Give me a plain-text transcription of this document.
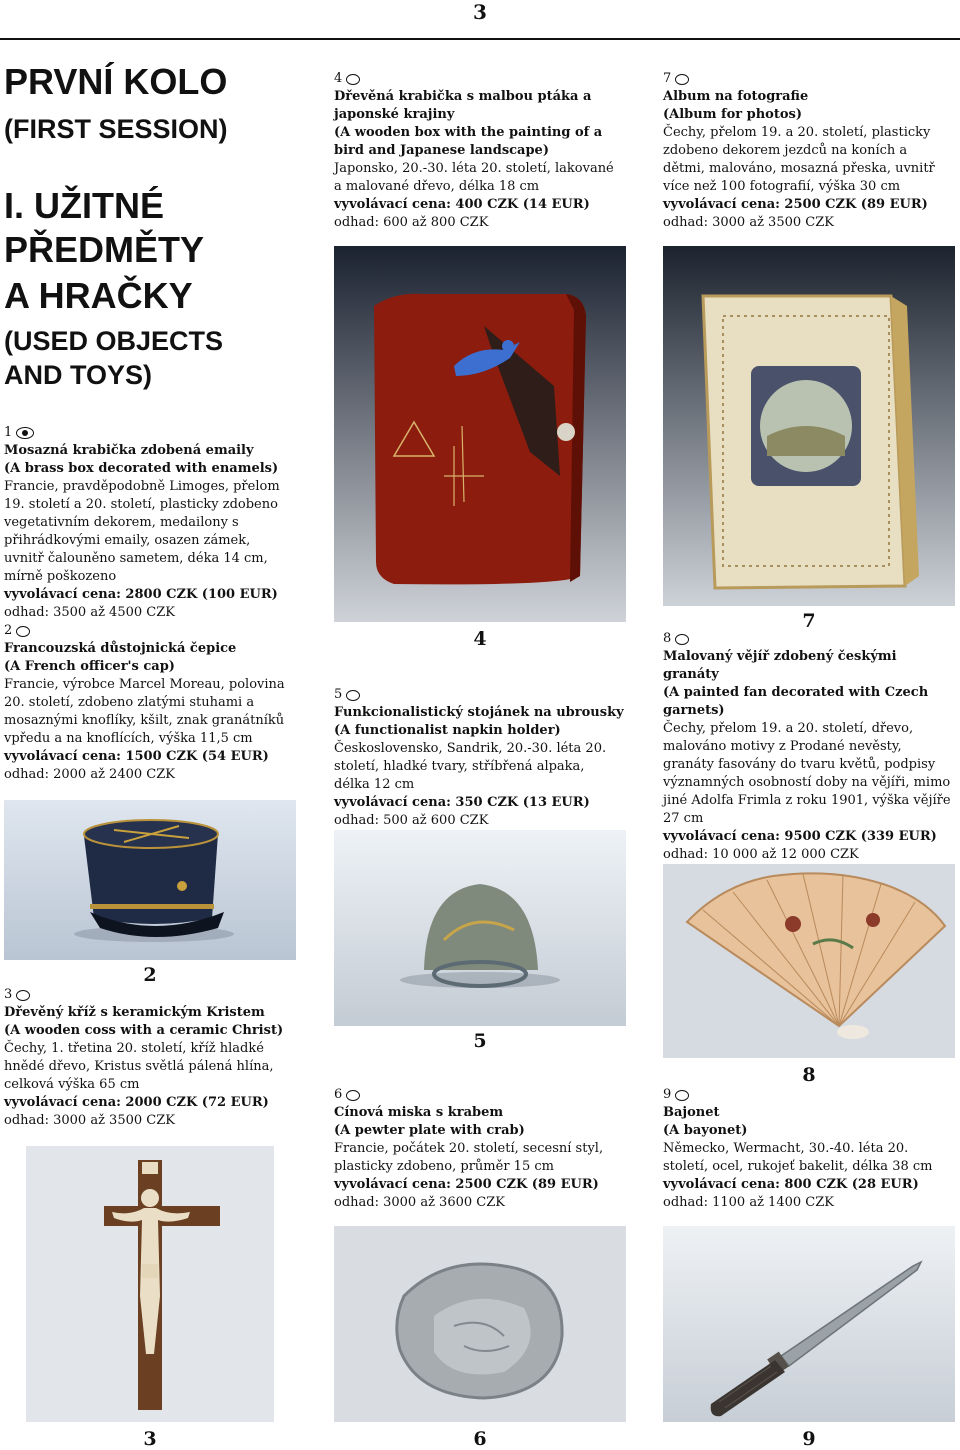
3
PRVNÍ KOLO
(FIRST SESSION)
I. UŽITNÉ
PŘEDMĚTY
A HRAČKY
(USED OBJECTS
AND TOYS)
1
Mosazná krabička zdobená emaily
(A brass box decorated with enamels)
Francie, pravděpodobně Limoges, přelom 19. století a 20. století, plasticky zdobeno vegetativním dekorem, medailony s přihrádkovými emaily, osazen zámek, uvnitř čalouněno sametem, déka 14 cm, mírně poškozeno
vyvolávací cena: 2800 CZK (100 EUR)
odhad: 3500 až 4500 CZK
2
Francouzská důstojnická čepice
(A French officer's cap)
Francie, výrobce Marcel Moreau, polovina 20. století, zdobeno zlatými stuhami a mosaznými knoflíky, kšilt, znak granátníků vpředu a na knoflících, výška 11,5 cm
vyvolávací cena: 1500 CZK (54 EUR)
odhad: 2000 až 2400 CZK
2
3
Dřevěný kříž s keramickým Kristem
(A wooden coss with a ceramic Christ)
Čechy, 1. třetina 20. století, kříž hladké hnědé dřevo, Kristus světlá pálená hlína, celková výška 65 cm
vyvolávací cena: 2000 CZK (72 EUR)
odhad: 3000 až 3500 CZK
3
4
Dřevěná krabička s malbou ptáka a japonské krajiny
(A wooden box with the painting of a bird and Japanese landscape)
Japonsko, 20.-30. léta 20. století, lakované a malované dřevo, délka 18 cm
vyvolávací cena: 400 CZK (14 EUR)
odhad: 600 až 800 CZK
4
5
Funkcionalistický stojánek na ubrousky
(A functionalist napkin holder)
Československo, Sandrik, 20.-30. léta 20. století, hladké tvary, stříbřená alpaka, délka 12 cm
vyvolávací cena: 350 CZK (13 EUR)
odhad: 500 až 600 CZK
5
6
Cínová miska s krabem
(A pewter plate with crab)
Francie, počátek 20. století, secesní styl, plasticky zdobeno, průměr 15 cm
vyvolávací cena: 2500 CZK (89 EUR)
odhad: 3000 až 3600 CZK
6
7
Album na fotografie
(Album for photos)
Čechy, přelom 19. a 20. století, plasticky zdobeno dekorem jezdců na koních a dětmi, malováno, mosazná přeska, uvnitř více než 100 fotografií, výška 30 cm
vyvolávací cena: 2500 CZK (89 EUR)
odhad: 3000 až 3500 CZK
7
8
Malovaný vějíř zdobený českými granáty
(A painted fan decorated with Czech garnets)
Čechy, přelom 19. a 20. století, dřevo, malováno motivy z Prodané nevěsty, granáty fasovány do tvaru květů, podpisy významných osobností doby na vějíři, mimo jiné Adolfa Frimla z roku 1901, výška vějíře 27 cm
vyvolávací cena: 9500 CZK (339 EUR)
odhad: 10 000 až 12 000 CZK
8
9
Bajonet
(A bayonet)
Německo, Wermacht, 30.-40. léta 20. století, ocel, rukojeť bakelit, délka 38 cm
vyvolávací cena: 800 CZK (28 EUR)
odhad: 1100 až 1400 CZK
9
